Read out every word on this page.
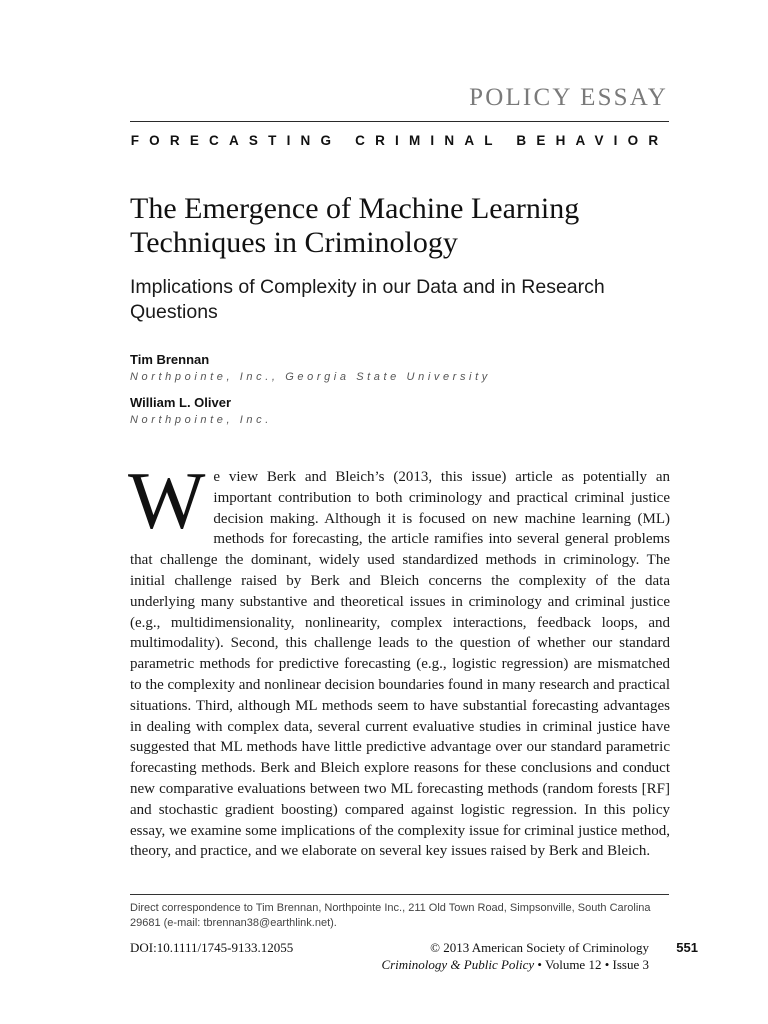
POLICY ESSAY
FORECASTING CRIMINAL BEHAVIOR
The Emergence of Machine Learning Techniques in Criminology
Implications of Complexity in our Data and in Research Questions
Tim Brennan
Northpointe, Inc., Georgia State University
William L. Oliver
Northpointe, Inc.
We view Berk and Bleich’s (2013, this issue) article as potentially an important contribution to both criminology and practical criminal justice decision making. Although it is focused on new machine learning (ML) methods for forecasting, the article ramifies into several general problems that challenge the dominant, widely used standardized methods in criminology. The initial challenge raised by Berk and Bleich concerns the complexity of the data underlying many substantive and theoretical issues in criminology and criminal justice (e.g., multidimensionality, nonlinearity, complex interactions, feedback loops, and multimodality). Second, this challenge leads to the question of whether our standard parametric methods for predictive forecasting (e.g., logistic regression) are mismatched to the complexity and nonlinear decision boundaries found in many research and practical situations. Third, although ML methods seem to have substantial forecasting advantages in dealing with complex data, several current evaluative studies in criminal justice have suggested that ML methods have little predictive advantage over our standard parametric forecasting methods. Berk and Bleich explore reasons for these conclusions and conduct new comparative evaluations between two ML forecasting methods (random forests [RF] and stochastic gradient boosting) compared against logistic regression. In this policy essay, we examine some implications of the complexity issue for criminal justice method, theory, and practice, and we elaborate on several key issues raised by Berk and Bleich.
Direct correspondence to Tim Brennan, Northpointe Inc., 211 Old Town Road, Simpsonville, South Carolina 29681 (e-mail: tbrennan38@earthlink.net).
DOI:10.1111/1745-9133.12055	© 2013 American Society of Criminology 551
Criminology & Public Policy • Volume 12 • Issue 3
